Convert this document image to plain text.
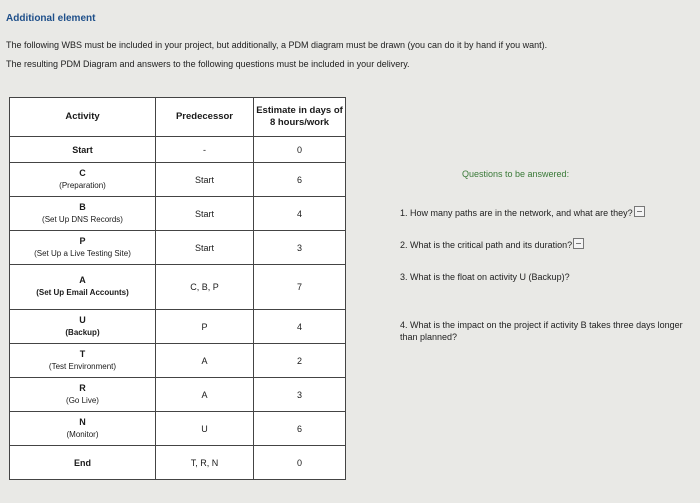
Additional element
The following WBS must be included in your project, but additionally, a PDM diagram must be drawn (you can do it by hand if you want).
The resulting PDM Diagram and answers to the following questions must be included in your delivery.
Activity	Predecessor	Estimate in days of 8 hours/work

Start	-	0

C
(Preparation)	Start	6

B
(Set Up DNS Records)	Start	4

P
(Set Up a Live Testing Site)	Start	3

A
(Set Up Email Accounts)	C, B, P	7

U
(Backup)	P	4

T
(Test Environment)	A	2

R
(Go Live)	A	3

N
(Monitor)	U	6

End	T, R, N	0
Questions to be answered:
1. How many paths are in the network, and what are they?
2. What is the critical path and its duration?
3. What is the float on activity U (Backup)?
4. What is the impact on the project if activity B takes three days longer than planned?
